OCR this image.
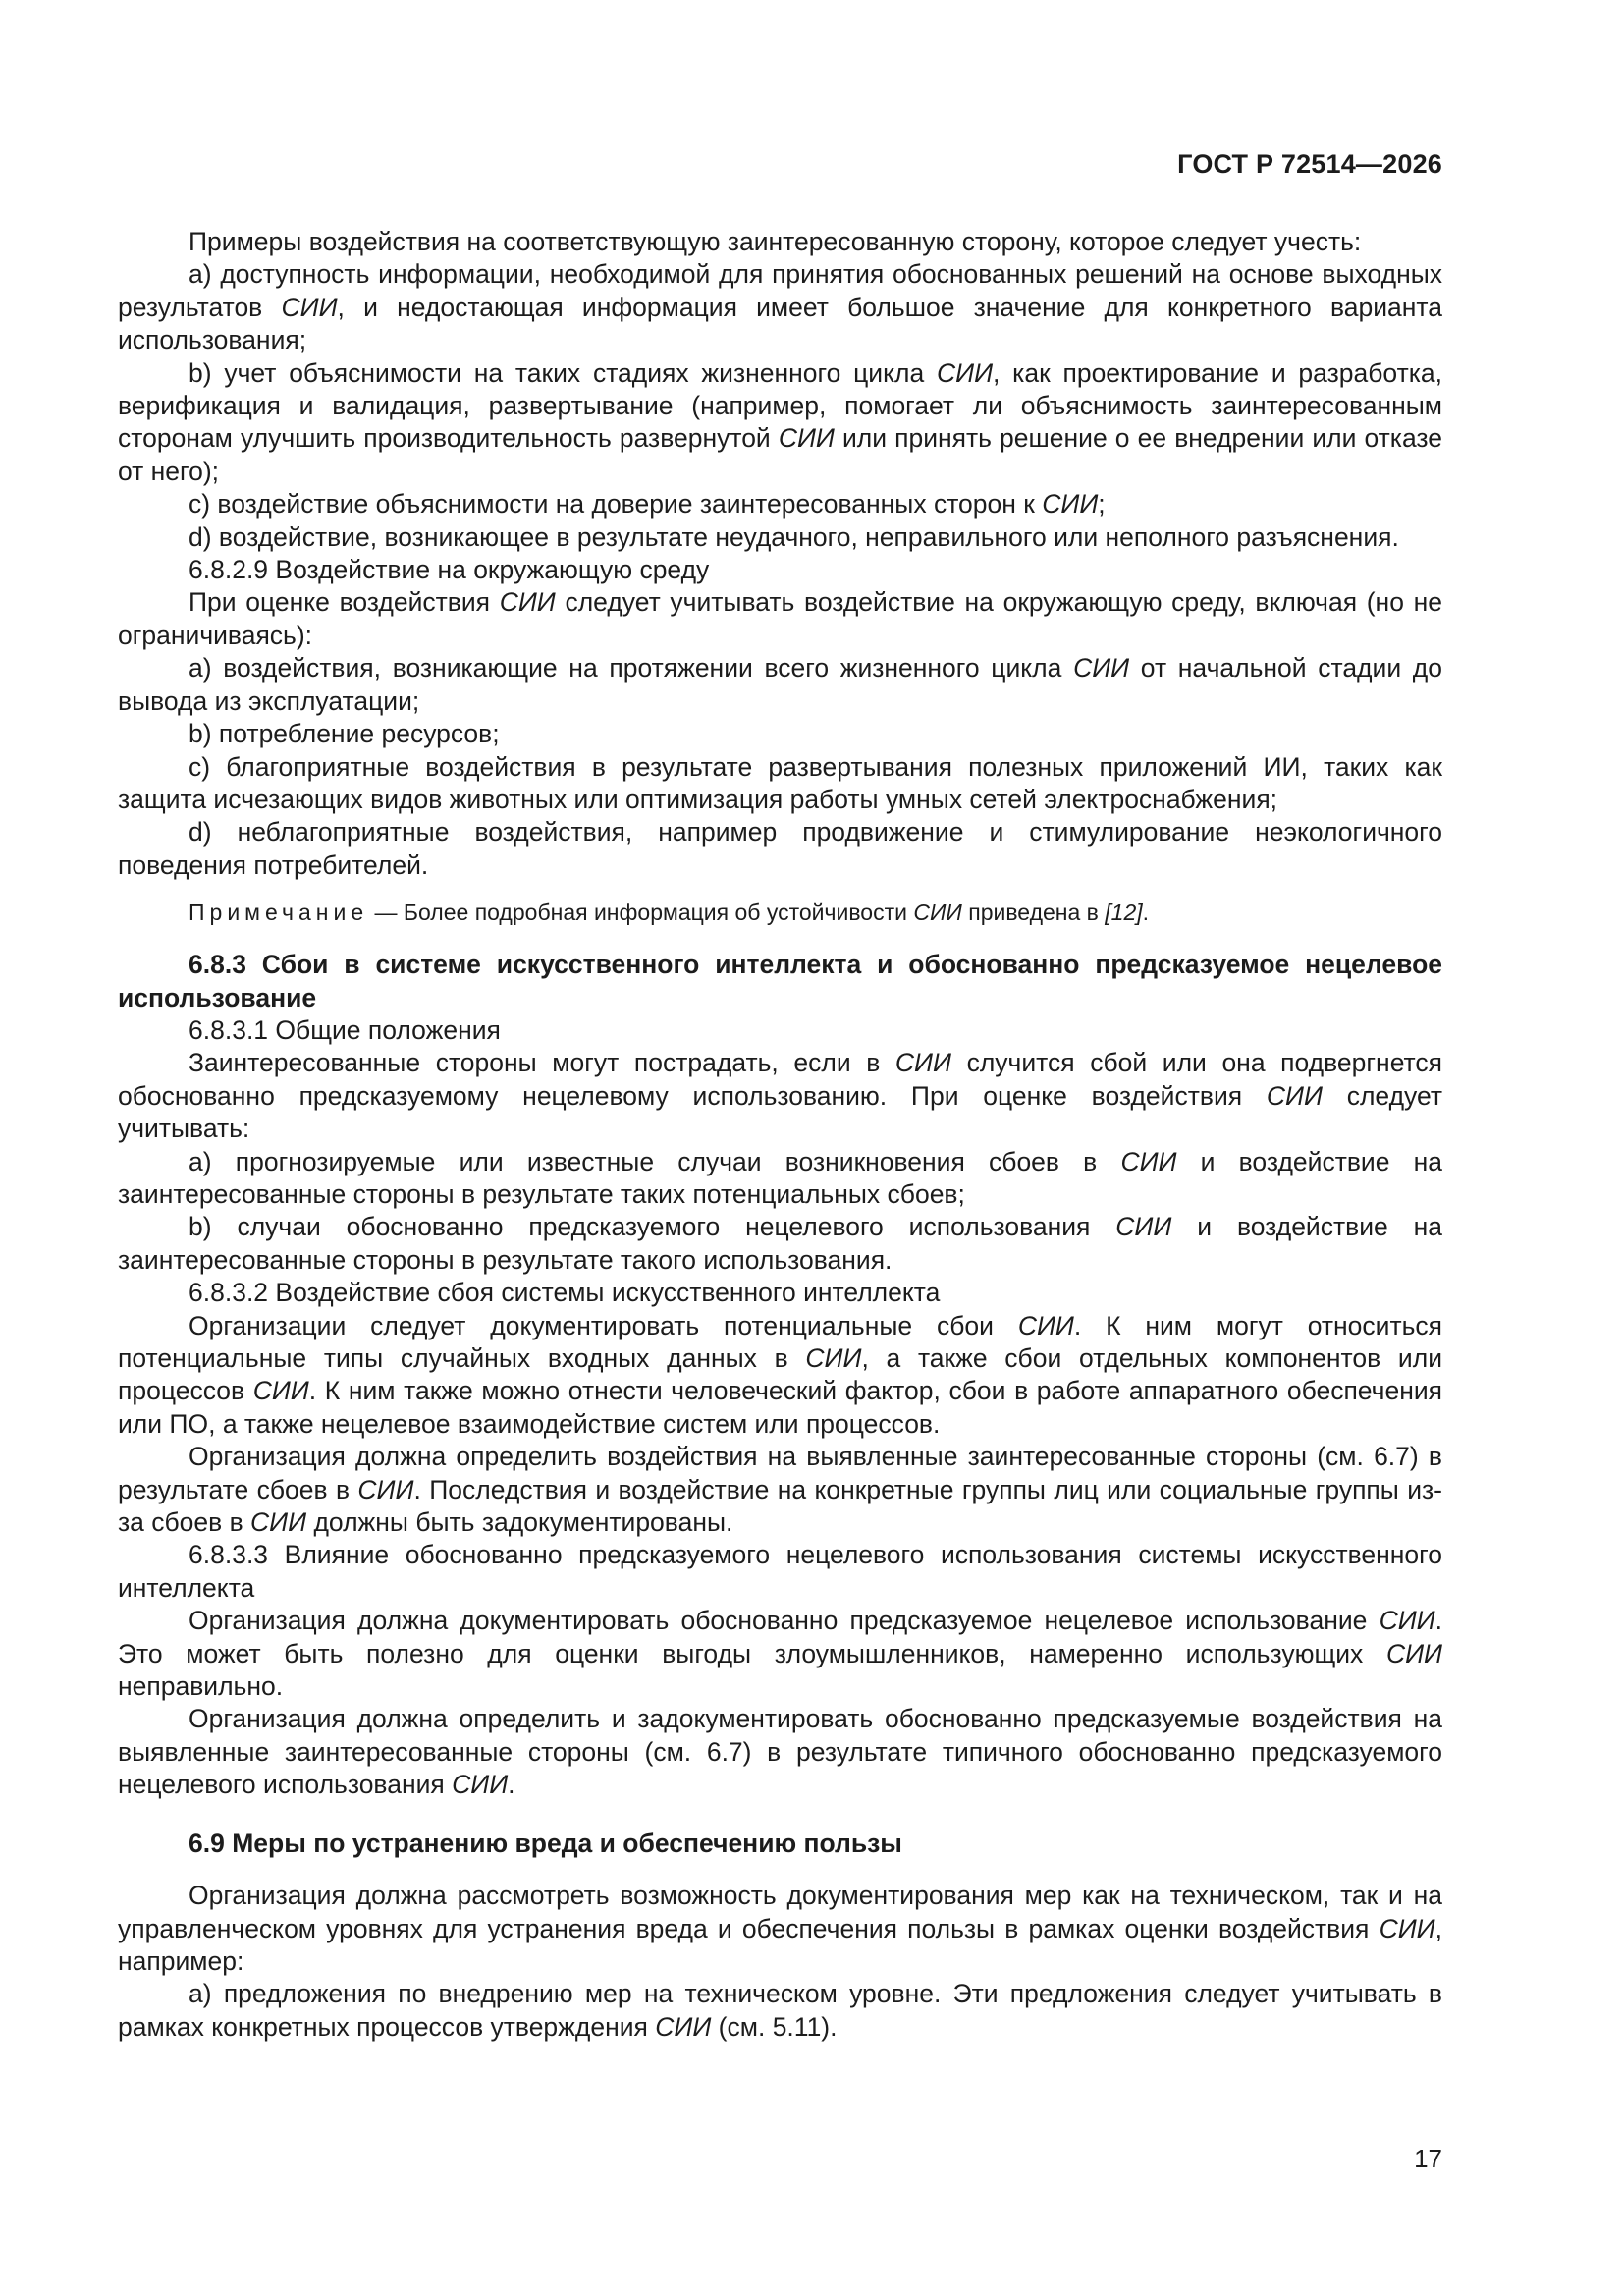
ГОСТ Р 72514—2026

Примеры воздействия на соответствующую заинтересованную сторону, которое следует учесть:

a) доступность информации, необходимой для принятия обоснованных решений на основе выходных результатов СИИ, и недостающая информация имеет большое значение для конкретного варианта использования;

b) учет объяснимости на таких стадиях жизненного цикла СИИ, как проектирование и разработка, верификация и валидация, развертывание (например, помогает ли объяснимость заинтересованным сторонам улучшить производительность развернутой СИИ или принять решение о ее внедрении или отказе от него);

c) воздействие объяснимости на доверие заинтересованных сторон к СИИ;

d) воздействие, возникающее в результате неудачного, неправильного или неполного разъяснения.

6.8.2.9 Воздействие на окружающую среду

При оценке воздействия СИИ следует учитывать воздействие на окружающую среду, включая (но не ограничиваясь):

a) воздействия, возникающие на протяжении всего жизненного цикла СИИ от начальной стадии до вывода из эксплуатации;

b) потребление ресурсов;

c) благоприятные воздействия в результате развертывания полезных приложений ИИ, таких как защита исчезающих видов животных или оптимизация работы умных сетей электроснабжения;

d) неблагоприятные воздействия, например продвижение и стимулирование неэкологичного поведения потребителей.

Примечание — Более подробная информация об устойчивости СИИ приведена в [12].

6.8.3 Сбои в системе искусственного интеллекта и обоснованно предсказуемое нецелевое использование

6.8.3.1 Общие положения

Заинтересованные стороны могут пострадать, если в СИИ случится сбой или она подвергнется обоснованно предсказуемому нецелевому использованию. При оценке воздействия СИИ следует учитывать:

a) прогнозируемые или известные случаи возникновения сбоев в СИИ и воздействие на заинтересованные стороны в результате таких потенциальных сбоев;

b) случаи обоснованно предсказуемого нецелевого использования СИИ и воздействие на заинтересованные стороны в результате такого использования.

6.8.3.2 Воздействие сбоя системы искусственного интеллекта

Организации следует документировать потенциальные сбои СИИ. К ним могут относиться потенциальные типы случайных входных данных в СИИ, а также сбои отдельных компонентов или процессов СИИ. К ним также можно отнести человеческий фактор, сбои в работе аппаратного обеспечения или ПО, а также нецелевое взаимодействие систем или процессов.

Организация должна определить воздействия на выявленные заинтересованные стороны (см. 6.7) в результате сбоев в СИИ. Последствия и воздействие на конкретные группы лиц или социальные группы из-за сбоев в СИИ должны быть задокументированы.

6.8.3.3 Влияние обоснованно предсказуемого нецелевого использования системы искусственного интеллекта

Организация должна документировать обоснованно предсказуемое нецелевое использование СИИ. Это может быть полезно для оценки выгоды злоумышленников, намеренно использующих СИИ неправильно.

Организация должна определить и задокументировать обоснованно предсказуемые воздействия на выявленные заинтересованные стороны (см. 6.7) в результате типичного обоснованно предсказуемого нецелевого использования СИИ.

6.9 Меры по устранению вреда и обеспечению пользы

Организация должна рассмотреть возможность документирования мер как на техническом, так и на управленческом уровнях для устранения вреда и обеспечения пользы в рамках оценки воздействия СИИ, например:

a) предложения по внедрению мер на техническом уровне. Эти предложения следует учитывать в рамках конкретных процессов утверждения СИИ (см. 5.11).

17
